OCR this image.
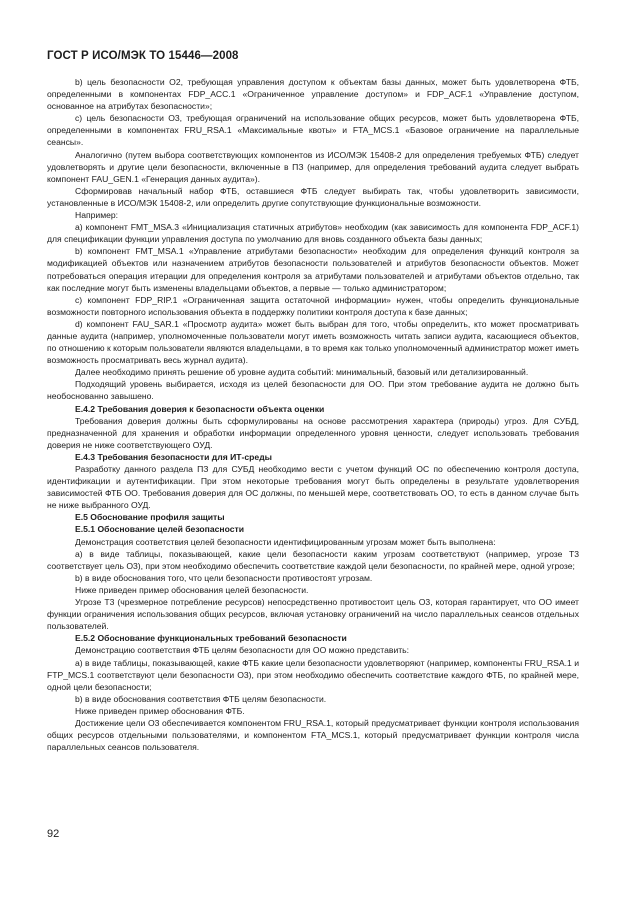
ГОСТ Р ИСО/МЭК ТО 15446—2008

b) цель безопасности О2, требующая управления доступом к объектам базы данных, может быть удовлетворена ФТБ, определенными в компонентах FDP_ACC.1 «Ограниченное управление доступом» и FDP_ACF.1 «Управление доступом, основанное на атрибутах безопасности»;

c) цель безопасности О3, требующая ограничений на использование общих ресурсов, может быть удовлетворена ФТБ, определенными в компонентах FRU_RSA.1 «Максимальные квоты» и FTA_MCS.1 «Базовое ограничение на параллельные сеансы».

Аналогично (путем выбора соответствующих компонентов из ИСО/МЭК 15408-2 для определения требуемых ФТБ) следует удовлетворять и другие цели безопасности, включенные в ПЗ (например, для определения требований аудита следует выбрать компонент FAU_GEN.1 «Генерация данных аудита»).

Сформировав начальный набор ФТБ, оставшиеся ФТБ следует выбирать так, чтобы удовлетворить зависимости, установленные в ИСО/МЭК 15408-2, или определить другие сопутствующие функциональные возможности.

Например:

a) компонент FMT_MSA.3 «Инициализация статичных атрибутов» необходим (как зависимость для компонента FDP_ACF.1) для спецификации функции управления доступа по умолчанию для вновь созданного объекта базы данных;

b) компонент FMT_MSA.1 «Управление атрибутами безопасности» необходим для определения функций контроля за модификацией объектов или назначением атрибутов безопасности пользователей и атрибутов безопасности объектов. Может потребоваться операция итерации для определения контроля за атрибутами пользователей и атрибутами объектов отдельно, так как последние могут быть изменены владельцами объектов, а первые — только администратором;

c) компонент FDP_RIP.1 «Ограниченная защита остаточной информации» нужен, чтобы определить функциональные возможности повторного использования объекта в поддержку политики контроля доступа к базе данных;

d) компонент FAU_SAR.1 «Просмотр аудита» может быть выбран для того, чтобы определить, кто может просматривать данные аудита (например, уполномоченные пользователи могут иметь возможность читать записи аудита, касающиеся объектов, по отношению к которым пользователи являются владельцами, в то время как только уполномоченный администратор может иметь возможность просматривать весь журнал аудита).

Далее необходимо принять решение об уровне аудита событий: минимальный, базовый или детализированный.

Подходящий уровень выбирается, исходя из целей безопасности для ОО. При этом требование аудита не должно быть необоснованно завышено.

Е.4.2 Требования доверия к безопасности объекта оценки

Требования доверия должны быть сформулированы на основе рассмотрения характера (природы) угроз. Для СУБД, предназначенной для хранения и обработки информации определенного уровня ценности, следует использовать требования доверия не ниже соответствующего ОУД.

Е.4.3 Требования безопасности для ИТ-среды

Разработку данного раздела ПЗ для СУБД необходимо вести с учетом функций ОС по обеспечению контроля доступа, идентификации и аутентификации. При этом некоторые требования могут быть определены в результате удовлетворения зависимостей ФТБ ОО. Требования доверия для ОС должны, по меньшей мере, соответствовать ОО, то есть в данном случае быть не ниже выбранного ОУД.

Е.5 Обоснование профиля защиты

Е.5.1 Обоснование целей безопасности

Демонстрация соответствия целей безопасности идентифицированным угрозам может быть выполнена:

a) в виде таблицы, показывающей, какие цели безопасности каким угрозам соответствуют (например, угрозе Т3 соответствует цель О3), при этом необходимо обеспечить соответствие каждой цели безопасности, по крайней мере, одной угрозе;

b) в виде обоснования того, что цели безопасности противостоят угрозам.

Ниже приведен пример обоснования целей безопасности.

Угрозе Т3 (чрезмерное потребление ресурсов) непосредственно противостоит цель О3, которая гарантирует, что ОО имеет функции ограничения использования общих ресурсов, включая установку ограничений на число параллельных сеансов отдельных пользователей.

Е.5.2 Обоснование функциональных требований безопасности

Демонстрацию соответствия ФТБ целям безопасности для ОО можно представить:

a) в виде таблицы, показывающей, какие ФТБ какие цели безопасности удовлетворяют (например, компоненты FRU_RSA.1 и FTP_MCS.1 соответствуют цели безопасности О3), при этом необходимо обеспечить соответствие каждого ФТБ, по крайней мере, одной цели безопасности;

b) в виде обоснования соответствия ФТБ целям безопасности.

Ниже приведен пример обоснования ФТБ.

Достижение цели О3 обеспечивается компонентом FRU_RSA.1, который предусматривает функции контроля использования общих ресурсов отдельными пользователями, и компонентом FTA_MCS.1, который предусматривает функции контроля числа параллельных сеансов пользователя.

92
